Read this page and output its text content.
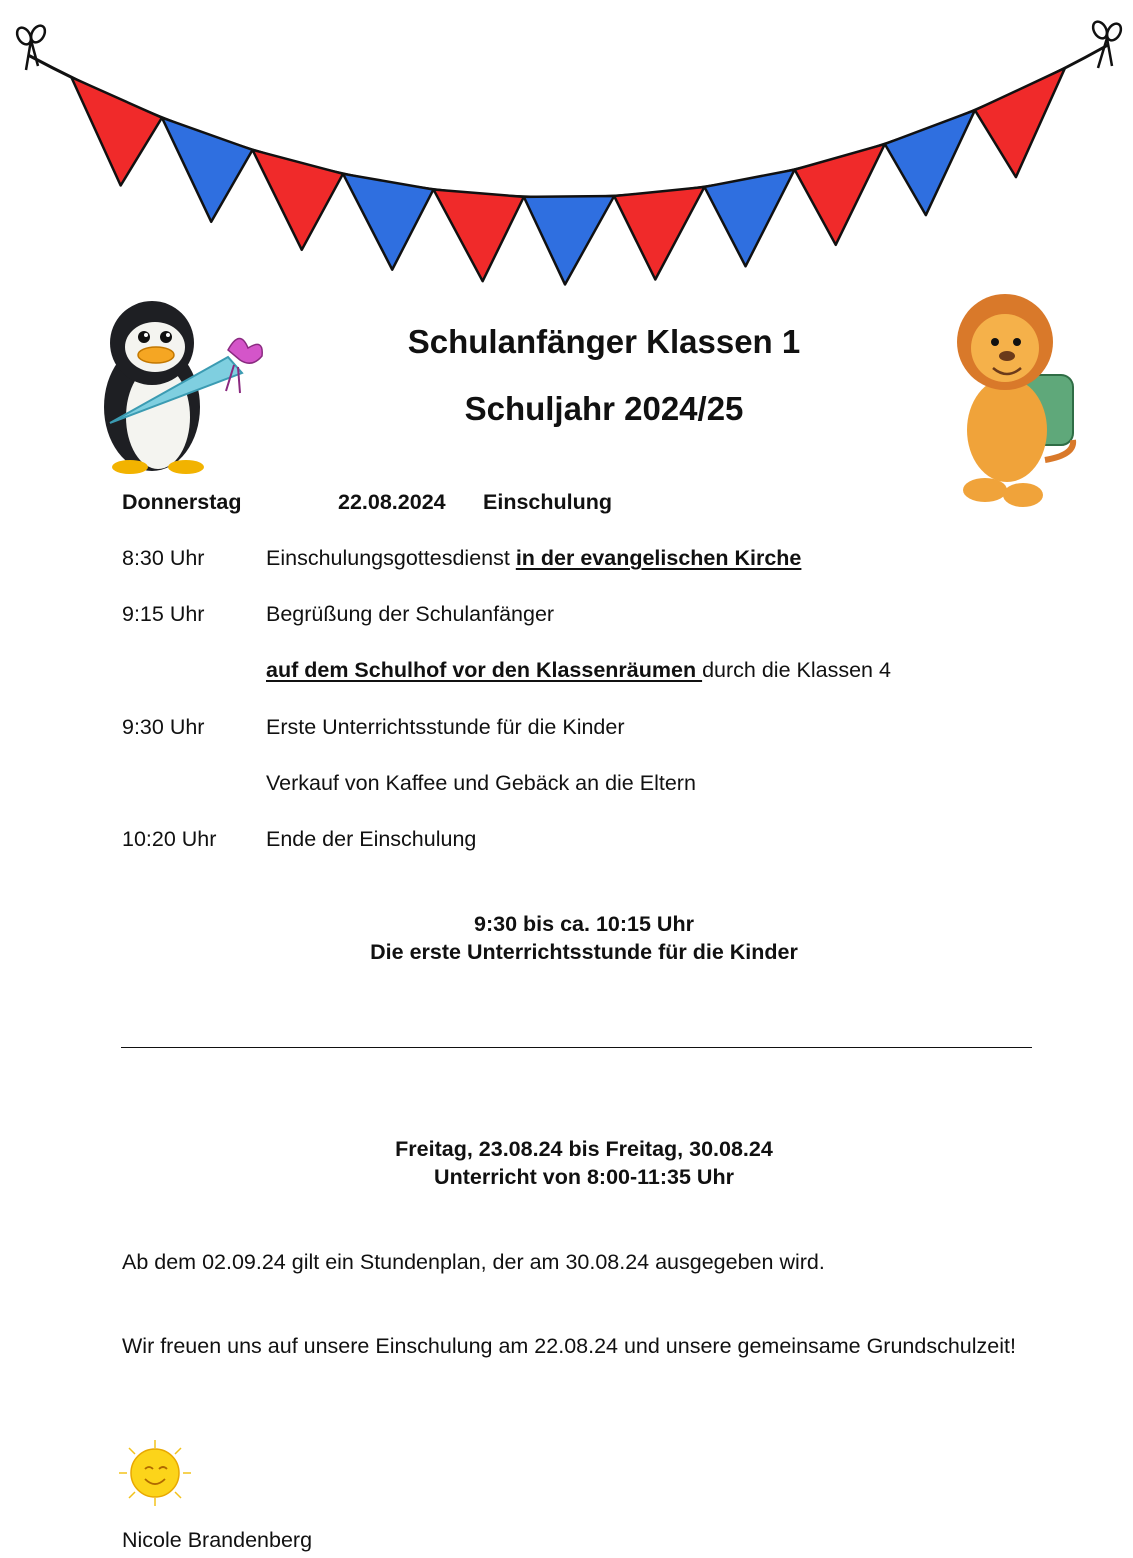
Schulanfänger Klassen 1
Schuljahr 2024/25
Donnerstag	22.08.2024 Einschulung
8:30 Uhr	Einschulungsgottesdienst in der evangelischen Kirche
9:15 Uhr	Begrüßung der Schulanfänger
auf dem Schulhof vor den Klassenräumen durch die Klassen 4
9:30 Uhr	Erste Unterrichtsstunde für die Kinder
Verkauf von Kaffee und Gebäck an die Eltern
10:20 Uhr Ende der Einschulung
9:30 bis ca. 10:15 Uhr
Die erste Unterrichtsstunde für die Kinder
Freitag, 23.08.24 bis Freitag, 30.08.24
Unterricht von 8:00-11:35 Uhr
Ab dem 02.09.24 gilt ein Stundenplan, der am 30.08.24 ausgegeben wird.
Wir freuen uns auf unsere Einschulung am 22.08.24 und unsere gemeinsame Grundschulzeit!
Nicole Brandenberg
